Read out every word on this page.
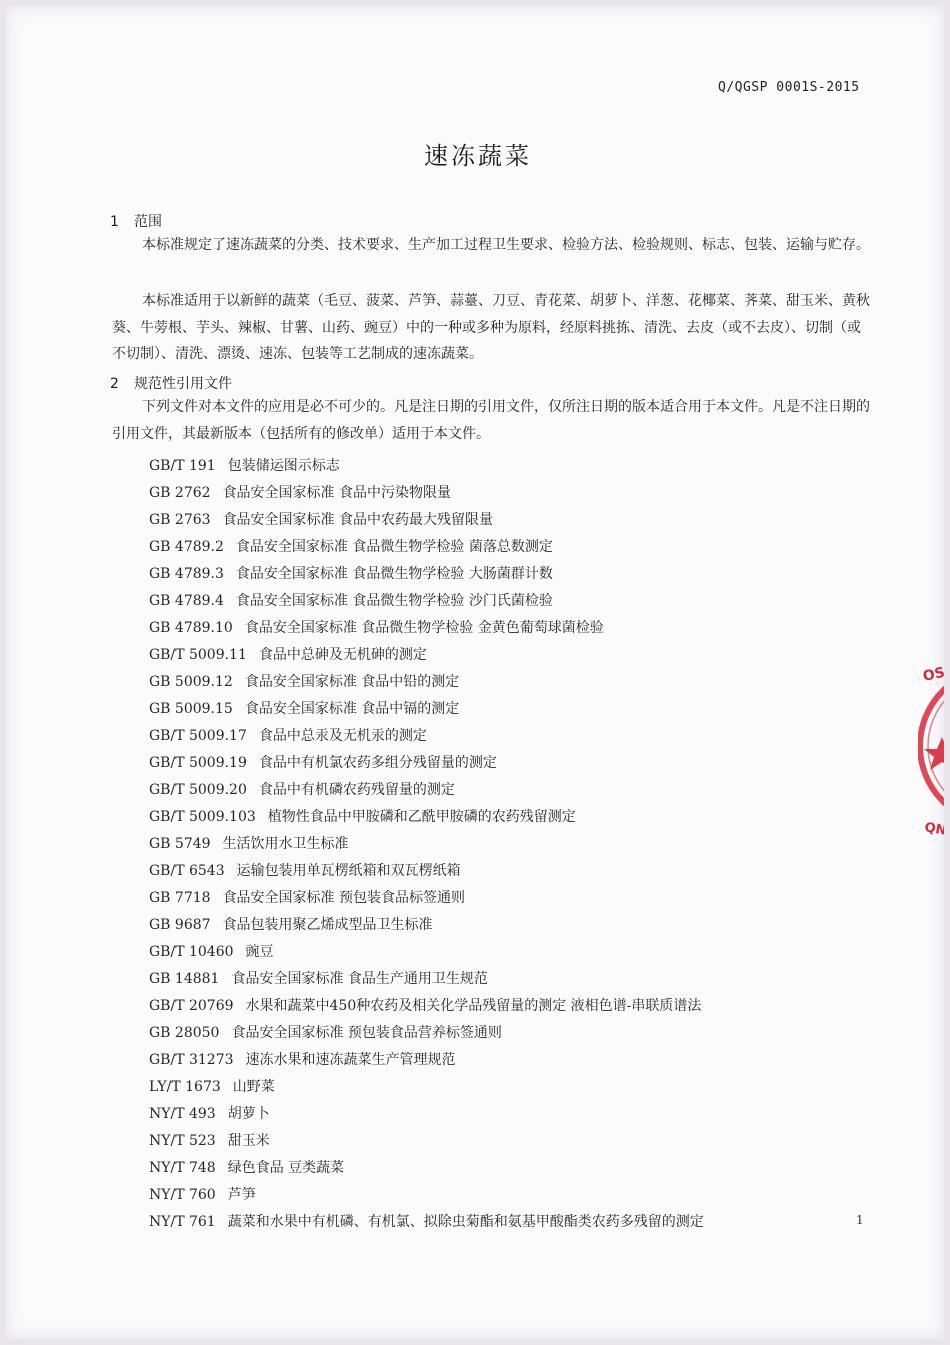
Q/QGSP 0001S-2015
速冻蔬菜
1 范围

本标准规定了速冻蔬菜的分类、技术要求、生产加工过程卫生要求、检验方法、检验规则、标志、包装、运输与贮存。

本标准适用于以新鲜的蔬菜（毛豆、菠菜、芦笋、蒜薹、刀豆、青花菜、胡萝卜、洋葱、花椰菜、荠菜、甜玉米、黄秋葵、牛蒡根、芋头、辣椒、甘薯、山药、豌豆）中的一种或多种为原料，经原料挑拣、清洗、去皮（或不去皮）、切制（或不切制）、清洗、漂烫、速冻、包装等工艺制成的速冻蔬菜。

2 规范性引用文件

下列文件对本文件的应用是必不可少的。凡是注日期的引用文件，仅所注日期的版本适合用于本文件。凡是不注日期的引用文件，其最新版本（包括所有的修改单）适用于本文件。

GB/T 191 包装储运图示标志
GB 2762 食品安全国家标准 食品中污染物限量
GB 2763 食品安全国家标准 食品中农药最大残留限量
GB 4789.2 食品安全国家标准 食品微生物学检验 菌落总数测定
GB 4789.3 食品安全国家标准 食品微生物学检验 大肠菌群计数
GB 4789.4 食品安全国家标准 食品微生物学检验 沙门氏菌检验
GB 4789.10 食品安全国家标准 食品微生物学检验 金黄色葡萄球菌检验
GB/T 5009.11 食品中总砷及无机砷的测定
GB 5009.12 食品安全国家标准 食品中铅的测定
GB 5009.15 食品安全国家标准 食品中镉的测定
GB/T 5009.17 食品中总汞及无机汞的测定
GB/T 5009.19 食品中有机氯农药多组分残留量的测定
GB/T 5009.20 食品中有机磷农药残留量的测定
GB/T 5009.103 植物性食品中甲胺磷和乙酰甲胺磷的农药残留测定
GB 5749 生活饮用水卫生标准
GB/T 6543 运输包装用单瓦楞纸箱和双瓦楞纸箱
GB 7718 食品安全国家标准 预包装食品标签通则
GB 9687 食品包装用聚乙烯成型品卫生标准
GB/T 10460 豌豆
GB 14881 食品安全国家标准 食品生产通用卫生规范
GB/T 20769 水果和蔬菜中450种农药及相关化学品残留量的测定 液相色谱-串联质谱法
GB 28050 食品安全国家标准 预包装食品营养标签通则
GB/T 31273 速冻水果和速冻蔬菜生产管理规范
LY/T 1673 山野菜
NY/T 493 胡萝卜
NY/T 523 甜玉米
NY/T 748 绿色食品 豆类蔬菜
NY/T 760 芦笋
NY/T 761 蔬菜和水果中有机磷、有机氯、拟除虫菊酯和氨基甲酸酯类农药多残留的测定	1
OS
QN
